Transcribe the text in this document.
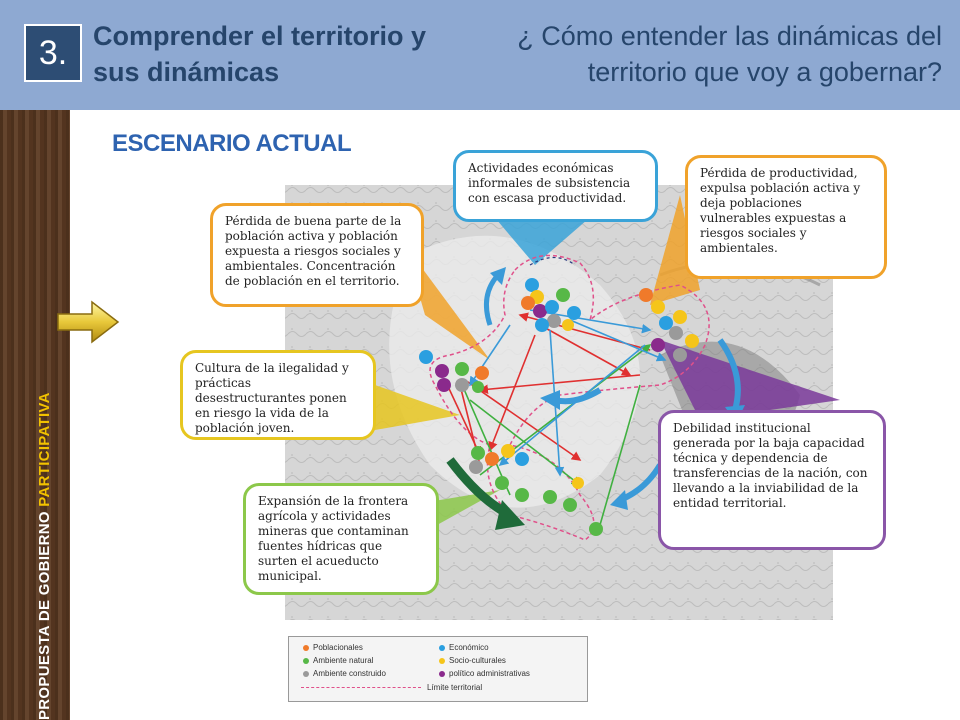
3. Comprender el territorio y sus dinámicas
¿ Cómo entender las dinámicas del territorio que voy a gobernar?
PROPUESTA DE GOBIERNO PARTICIPATIVA
ESCENARIO ACTUAL
Actividades económicas informales de subsistencia con escasa productividad.
Pérdida de buena parte de la población activa y población expuesta a riesgos sociales y ambientales. Concentración de población en el territorio.
Pérdida de productividad, expulsa población activa y deja poblaciones vulnerables expuestas a riesgos sociales y ambientales.
Cultura de la ilegalidad y prácticas desestructurantes ponen en riesgo la vida de la población joven.	Debilidad institucional generada por la baja capacidad técnica y dependencia de transferencias de la nación, con llevando a la inviabilidad de la entidad territorial.
Expansión de la frontera agrícola y actividades mineras que contaminan fuentes hídricas que surten el acueducto municipal.
Poblacionales
Ambiente natural
Ambiente construido
Económico
Socio-culturales
político administrativas
Límite territorial
